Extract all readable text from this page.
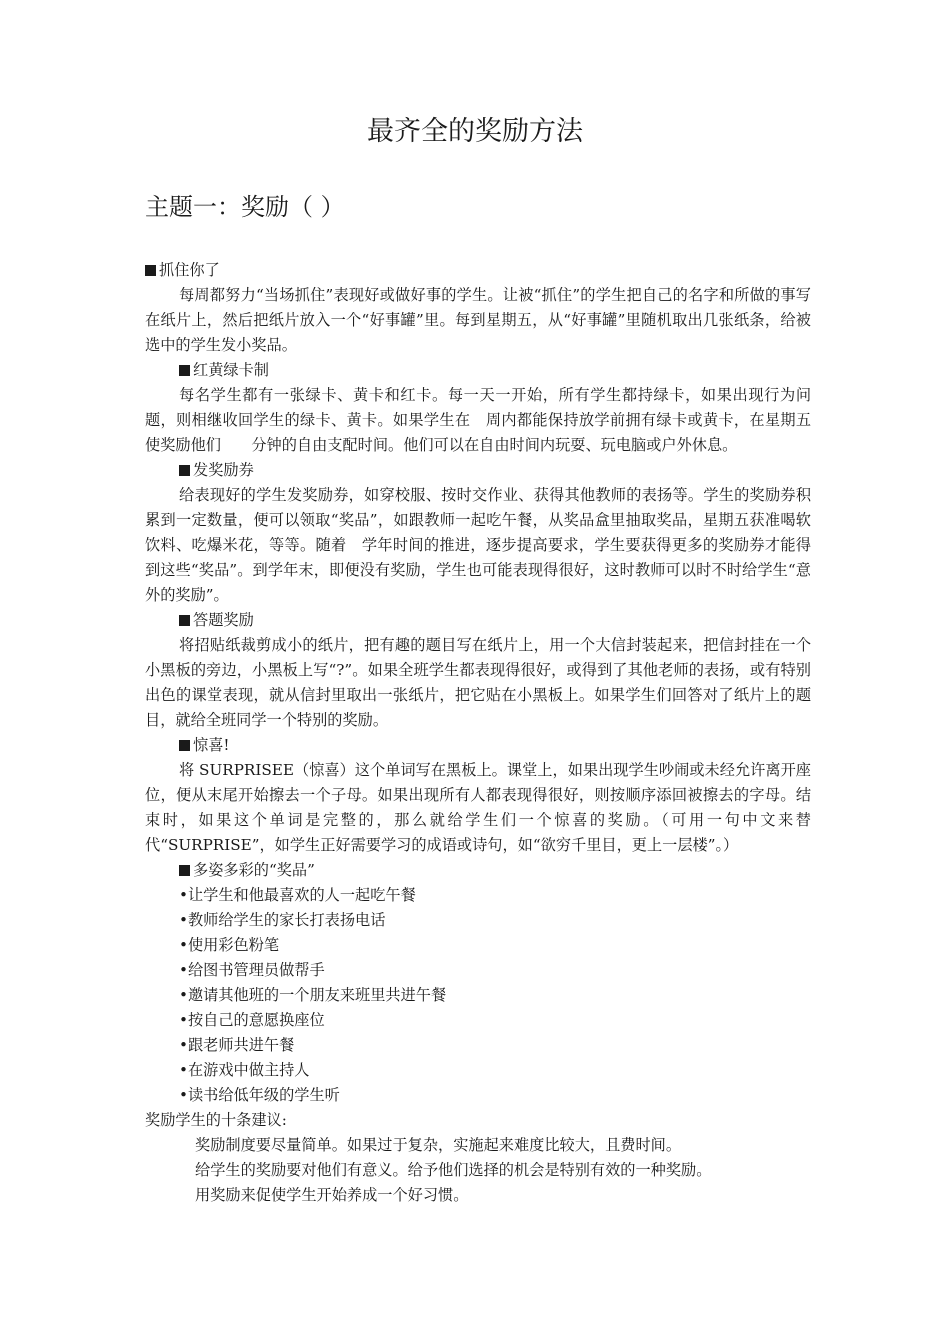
最齐全的奖励方法
主题一：奖励（ ）

抓住你了

每周都努力“当场抓住”表现好或做好事的学生。让被“抓住”的学生把自己的名字和所做的事写在纸片上，然后把纸片放入一个“好事罐”里。每到星期五，从“好事罐”里随机取出几张纸条，给被选中的学生发小奖品。

红黄绿卡制

每名学生都有一张绿卡、黄卡和红卡。每一天一开始，所有学生都持绿卡，如果出现行为问题，则相继收回学生的绿卡、黄卡。如果学生在　周内都能保持放学前拥有绿卡或黄卡，在星期五使奖励他们　　分钟的自由支配时间。他们可以在自由时间内玩耍、玩电脑或户外休息。

发奖励券

给表现好的学生发奖励券，如穿校服、按时交作业、获得其他教师的表扬等。学生的奖励券积累到一定数量，便可以领取“奖品”，如跟教师一起吃午餐，从奖品盒里抽取奖品，星期五获准喝软饮料、吃爆米花，等等。随着　学年时间的推进，逐步提高要求，学生要获得更多的奖励券才能得到这些“奖品”。到学年末，即便没有奖励，学生也可能表现得很好，这时教师可以时不时给学生“意外的奖励”。

答题奖励

将招贴纸裁剪成小的纸片，把有趣的题目写在纸片上，用一个大信封装起来，把信封挂在一个小黑板的旁边，小黑板上写“?”。如果全班学生都表现得很好，或得到了其他老师的表扬，或有特别出色的课堂表现，就从信封里取出一张纸片，把它贴在小黑板上。如果学生们回答对了纸片上的题目，就给全班同学一个特别的奖励。

惊喜!

将 SURPRISEE（惊喜）这个单词写在黑板上。课堂上，如果出现学生吵闹或未经允许离开座位，便从末尾开始擦去一个子母。如果出现所有人都表现得很好，则按顺序添回被擦去的字母。结束时，如果这个单词是完整的，那么就给学生们一个惊喜的奖励。（可用一句中文来替代“SURPRISE”，如学生正好需要学习的成语或诗句，如“欲穷千里目，更上一层楼”。）

多姿多彩的“奖品”

•让学生和他最喜欢的人一起吃午餐

•教师给学生的家长打表扬电话

•使用彩色粉笔

•给图书管理员做帮手

•邀请其他班的一个朋友来班里共进午餐

•按自己的意愿换座位

•跟老师共进午餐

•在游戏中做主持人

•读书给低年级的学生听

奖励学生的十条建议:

奖励制度要尽量简单。如果过于复杂，实施起来难度比较大，且费时间。

给学生的奖励要对他们有意义。给予他们选择的机会是特别有效的一种奖励。

用奖励来促使学生开始养成一个好习惯。
